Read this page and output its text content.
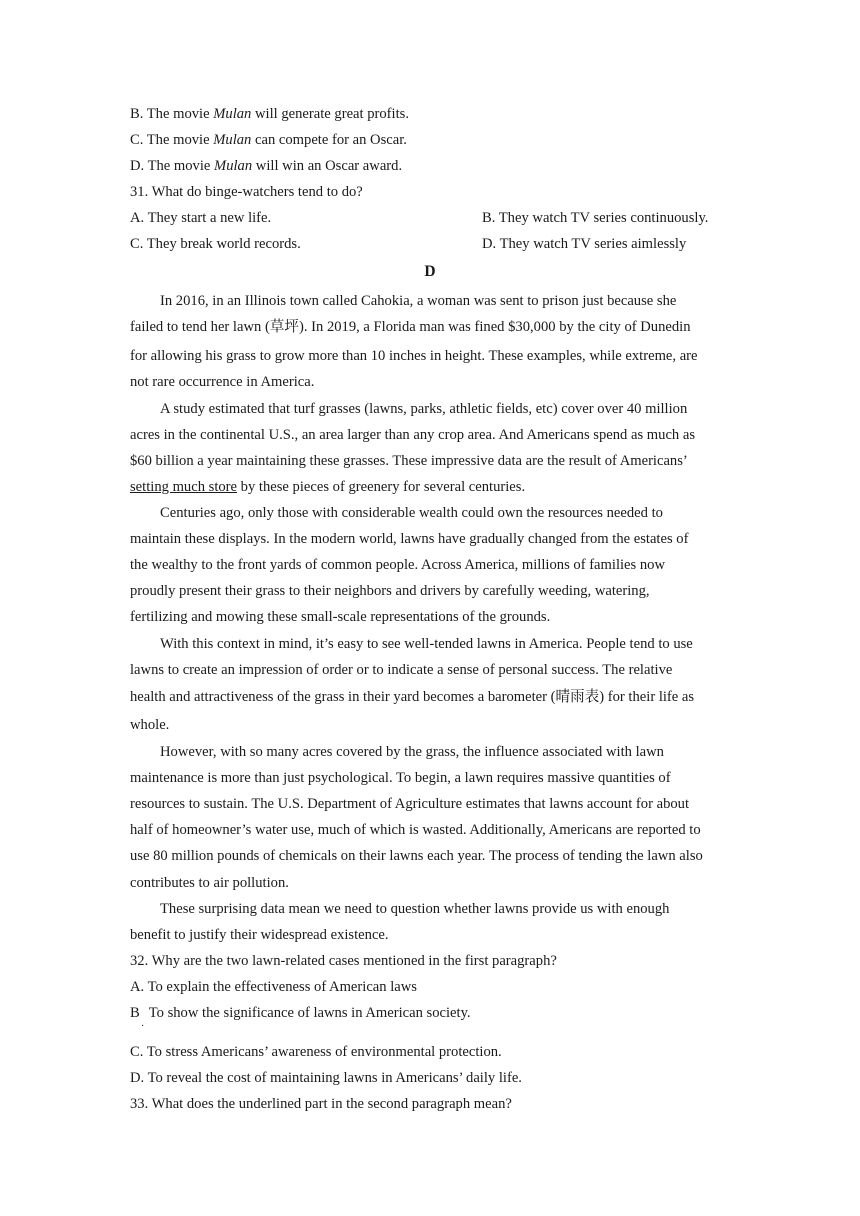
B. The movie Mulan will generate great profits.
C. The movie Mulan can compete for an Oscar.
D. The movie Mulan will win an Oscar award.
31. What do binge-watchers tend to do?
A. They start a new life.	B. They watch TV series continuously.
C. They break world records.	D. They watch TV series aimlessly
D
In 2016, in an Illinois town called Cahokia, a woman was sent to prison just because she
failed to tend her lawn (草坪). In 2019, a Florida man was fined $30,000 by the city of Dunedin
for allowing his grass to grow more than 10 inches in height. These examples, while extreme, are
not rare occurrence in America.
A study estimated that turf grasses (lawns, parks, athletic fields, etc) cover over 40 million
acres in the continental U.S., an area larger than any crop area. And Americans spend as much as
$60 billion a year maintaining these grasses. These impressive data are the result of Americans’
setting much store by these pieces of greenery for several centuries.
Centuries ago, only those with considerable wealth could own the resources needed to
maintain these displays. In the modern world, lawns have gradually changed from the estates of
the wealthy to the front yards of common people. Across America, millions of families now
proudly present their grass to their neighbors and drivers by carefully weeding, watering,
fertilizing and mowing these small-scale representations of the grounds.
With this context in mind, it’s easy to see well-tended lawns in America. People tend to use
lawns to create an impression of order or to indicate a sense of personal success. The relative
health and attractiveness of the grass in their yard becomes a barometer (晴雨表) for their life as
whole.
However, with so many acres covered by the grass, the influence associated with lawn
maintenance is more than just psychological. To begin, a lawn requires massive quantities of
resources to sustain. The U.S. Department of Agriculture estimates that lawns account for about
half of homeowner’s water use, much of which is wasted. Additionally, Americans are reported to
use 80 million pounds of chemicals on their lawns each year. The process of tending the lawn also
contributes to air pollution.
These surprising data mean we need to question whether lawns provide us with enough
benefit to justify their widespread existence.
32. Why are the two lawn-related cases mentioned in the first paragraph?
A. To explain the effectiveness of American laws
B To show the significance of lawns in American society.
·
C. To stress Americans’ awareness of environmental protection.
D. To reveal the cost of maintaining lawns in Americans’ daily life.
33. What does the underlined part in the second paragraph mean?
